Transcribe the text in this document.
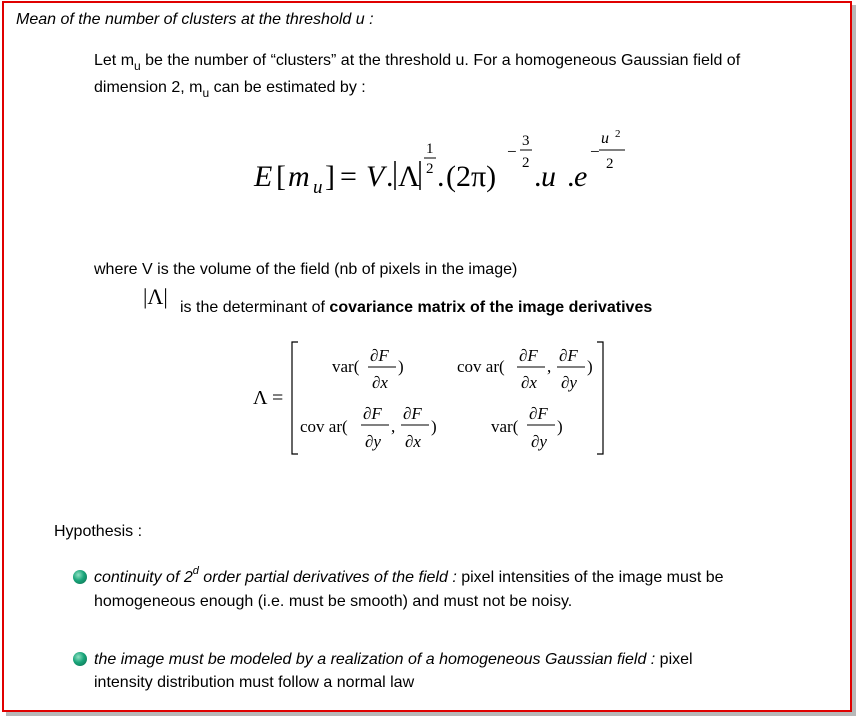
Mean of the number of clusters at the threshold u :
Let $m_u$ be the number of “clusters” at the threshold u. For a homogeneous Gaussian field of
dimension 2, $m_u$ can be estimated by :
E [ m u ] = V . Λ
1
2 . (2π)
−
3
2 . u . e
−
u 2
2
where V is the volume of the field (nb of pixels in the image)
|Λ| is the determinant of covariance matrix of the image derivatives
Λ =
var(
∂F
∂x
)	cov ar(
∂F
∂x
,
∂F
∂y
)
cov ar(
∂F
∂y
,
∂F
∂x
)	var(
∂F
∂y
)
Hypothesis :
continuity of 2$^d$ order partial derivatives of the field : pixel intensities of the image must be
homogeneous enough (i.e. must be smooth) and must not be noisy.
the image must be modeled by a realization of a homogeneous Gaussian field : pixel
intensity distribution must follow a normal law
